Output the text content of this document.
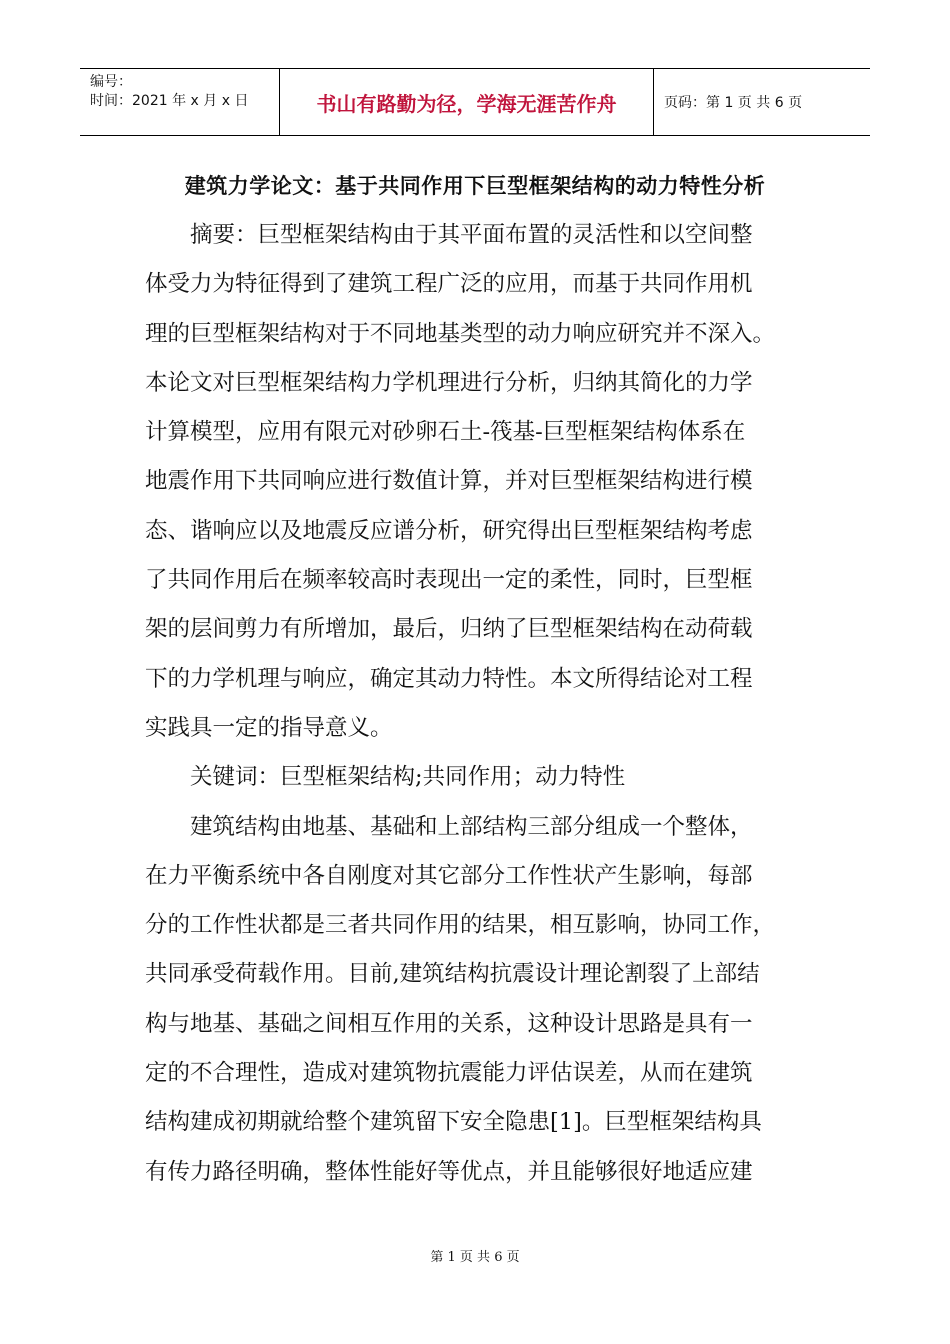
编号：
时间：2021 年 x 月 x 日	书山有路勤为径，学海无涯苦作舟	页码：第 1 页 共 6 页
建筑力学论文：基于共同作用下巨型框架结构的动力特性分析
　　摘要：巨型框架结构由于其平面布置的灵活性和以空间整
体受力为特征得到了建筑工程广泛的应用，而基于共同作用机
理的巨型框架结构对于不同地基类型的动力响应研究并不深入。
本论文对巨型框架结构力学机理进行分析，归纳其简化的力学
计算模型，应用有限元对砂卵石土-筏基-巨型框架结构体系在
地震作用下共同响应进行数值计算，并对巨型框架结构进行模
态、谐响应以及地震反应谱分析，研究得出巨型框架结构考虑
了共同作用后在频率较高时表现出一定的柔性，同时，巨型框
架的层间剪力有所增加，最后，归纳了巨型框架结构在动荷载
下的力学机理与响应，确定其动力特性。本文所得结论对工程
实践具一定的指导意义。
　　关键词：巨型框架结构;共同作用；动力特性
　　建筑结构由地基、基础和上部结构三部分组成一个整体，
在力平衡系统中各自刚度对其它部分工作性状产生影响，每部
分的工作性状都是三者共同作用的结果，相互影响，协同工作，
共同承受荷载作用。目前,建筑结构抗震设计理论割裂了上部结
构与地基、基础之间相互作用的关系，这种设计思路是具有一
定的不合理性，造成对建筑物抗震能力评估误差，从而在建筑
结构建成初期就给整个建筑留下安全隐患[1]。巨型框架结构具
有传力路径明确，整体性能好等优点，并且能够很好地适应建
第 1 页 共 6 页
